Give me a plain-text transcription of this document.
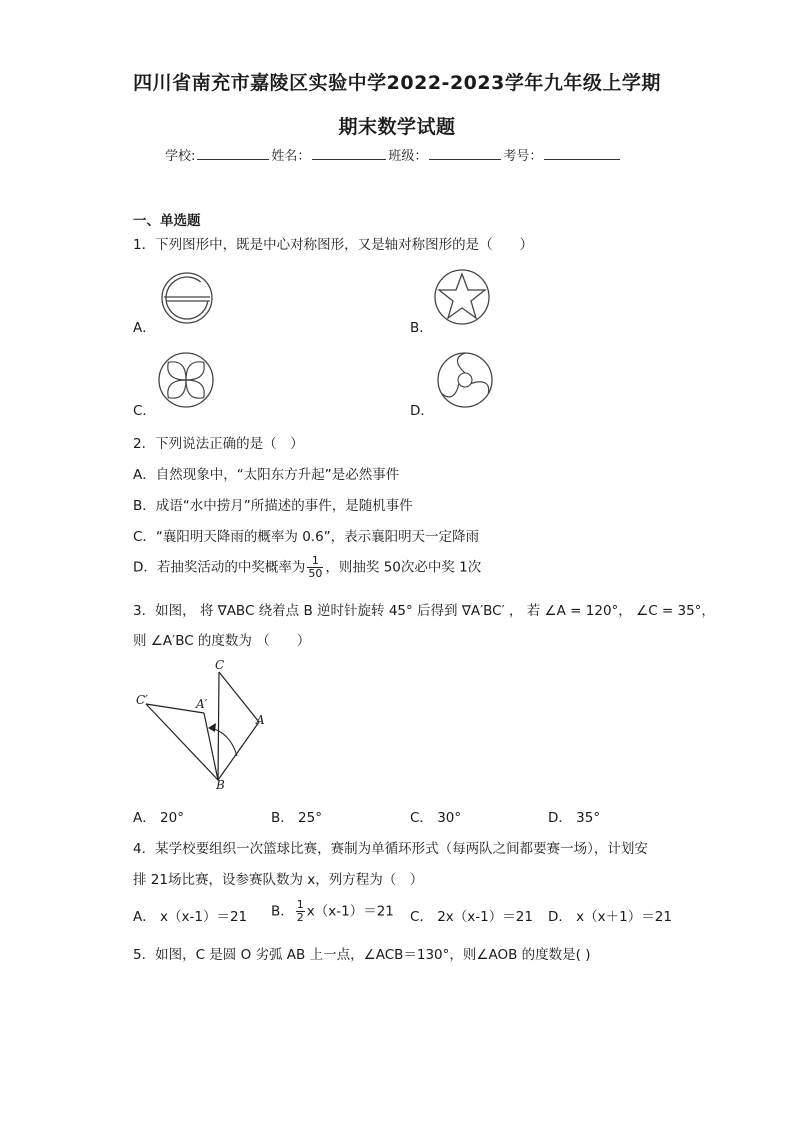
四川省南充市嘉陵区实验中学2022-2023学年九年级上学期
期末数学试题
学校:	姓名：	班级：	考号：
一、单选题
1．下列图形中，既是中心对称图形，又是轴对称图形的是（　　）
A．	B．
C．	D．
2．下列说法正确的是（　）
A．自然现象中，“太阳东方升起”是必然事件
B．成语“水中捞月”所描述的事件，是随机事件
C．“襄阳明天降雨的概率为 0.6”，表示襄阳明天一定降雨
D．若抽奖活动的中奖概率为 $\frac{1}{50}$ ，则抽奖 50次必中奖 1次
3．如图， 将 ∇ABC 绕着点 B 逆时针旋转 45° 后得到 ∇A′BC′ ， 若 ∠A = 120°， ∠C = 35°，
则 ∠A′BC 的度数为 （　　）
C
C′	A′
A
B
A． 20°	B． 25°	C． 30°	D． 35°
4．某学校要组织一次篮球比赛，赛制为单循环形式（每两队之间都要赛一场），计划安
排 21场比赛，设参赛队数为 x，列方程为（　）
A． x（x-1）＝21 B． $\frac{1}{2} x(x-1)=21$ C． 2x（x-1）＝21 D． x（x＋1）＝21
5．如图，C 是圆 O 劣弧 AB 上一点，∠ACB＝130°，则∠AOB 的度数是( )
